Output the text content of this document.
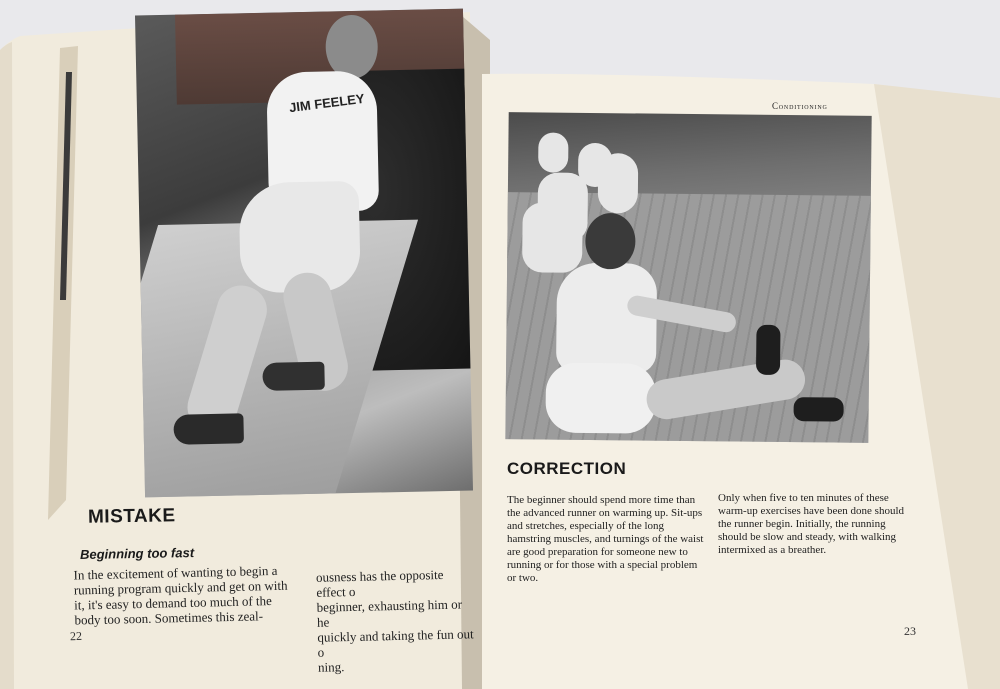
JIM FEELEY
MISTAKE
Beginning too fast
In the excitement of wanting to begin a running program quickly and get on with it, it's easy to demand too much of the body too soon. Sometimes this zeal-
ousness has the opposite effect o
beginner, exhausting him or he
quickly and taking the fun out o
ning.
22
Conditioning
CORRECTION
The beginner should spend more time than the advanced runner on warming up. Sit-ups and stretches, especially of the long hamstring muscles, and turnings of the waist are good preparation for someone new to running or for those with a special problem or two.
Only when five to ten minutes of these warm-up exercises have been done should the runner begin. Initially, the running should be slow and steady, with walking intermixed as a breather.
23
